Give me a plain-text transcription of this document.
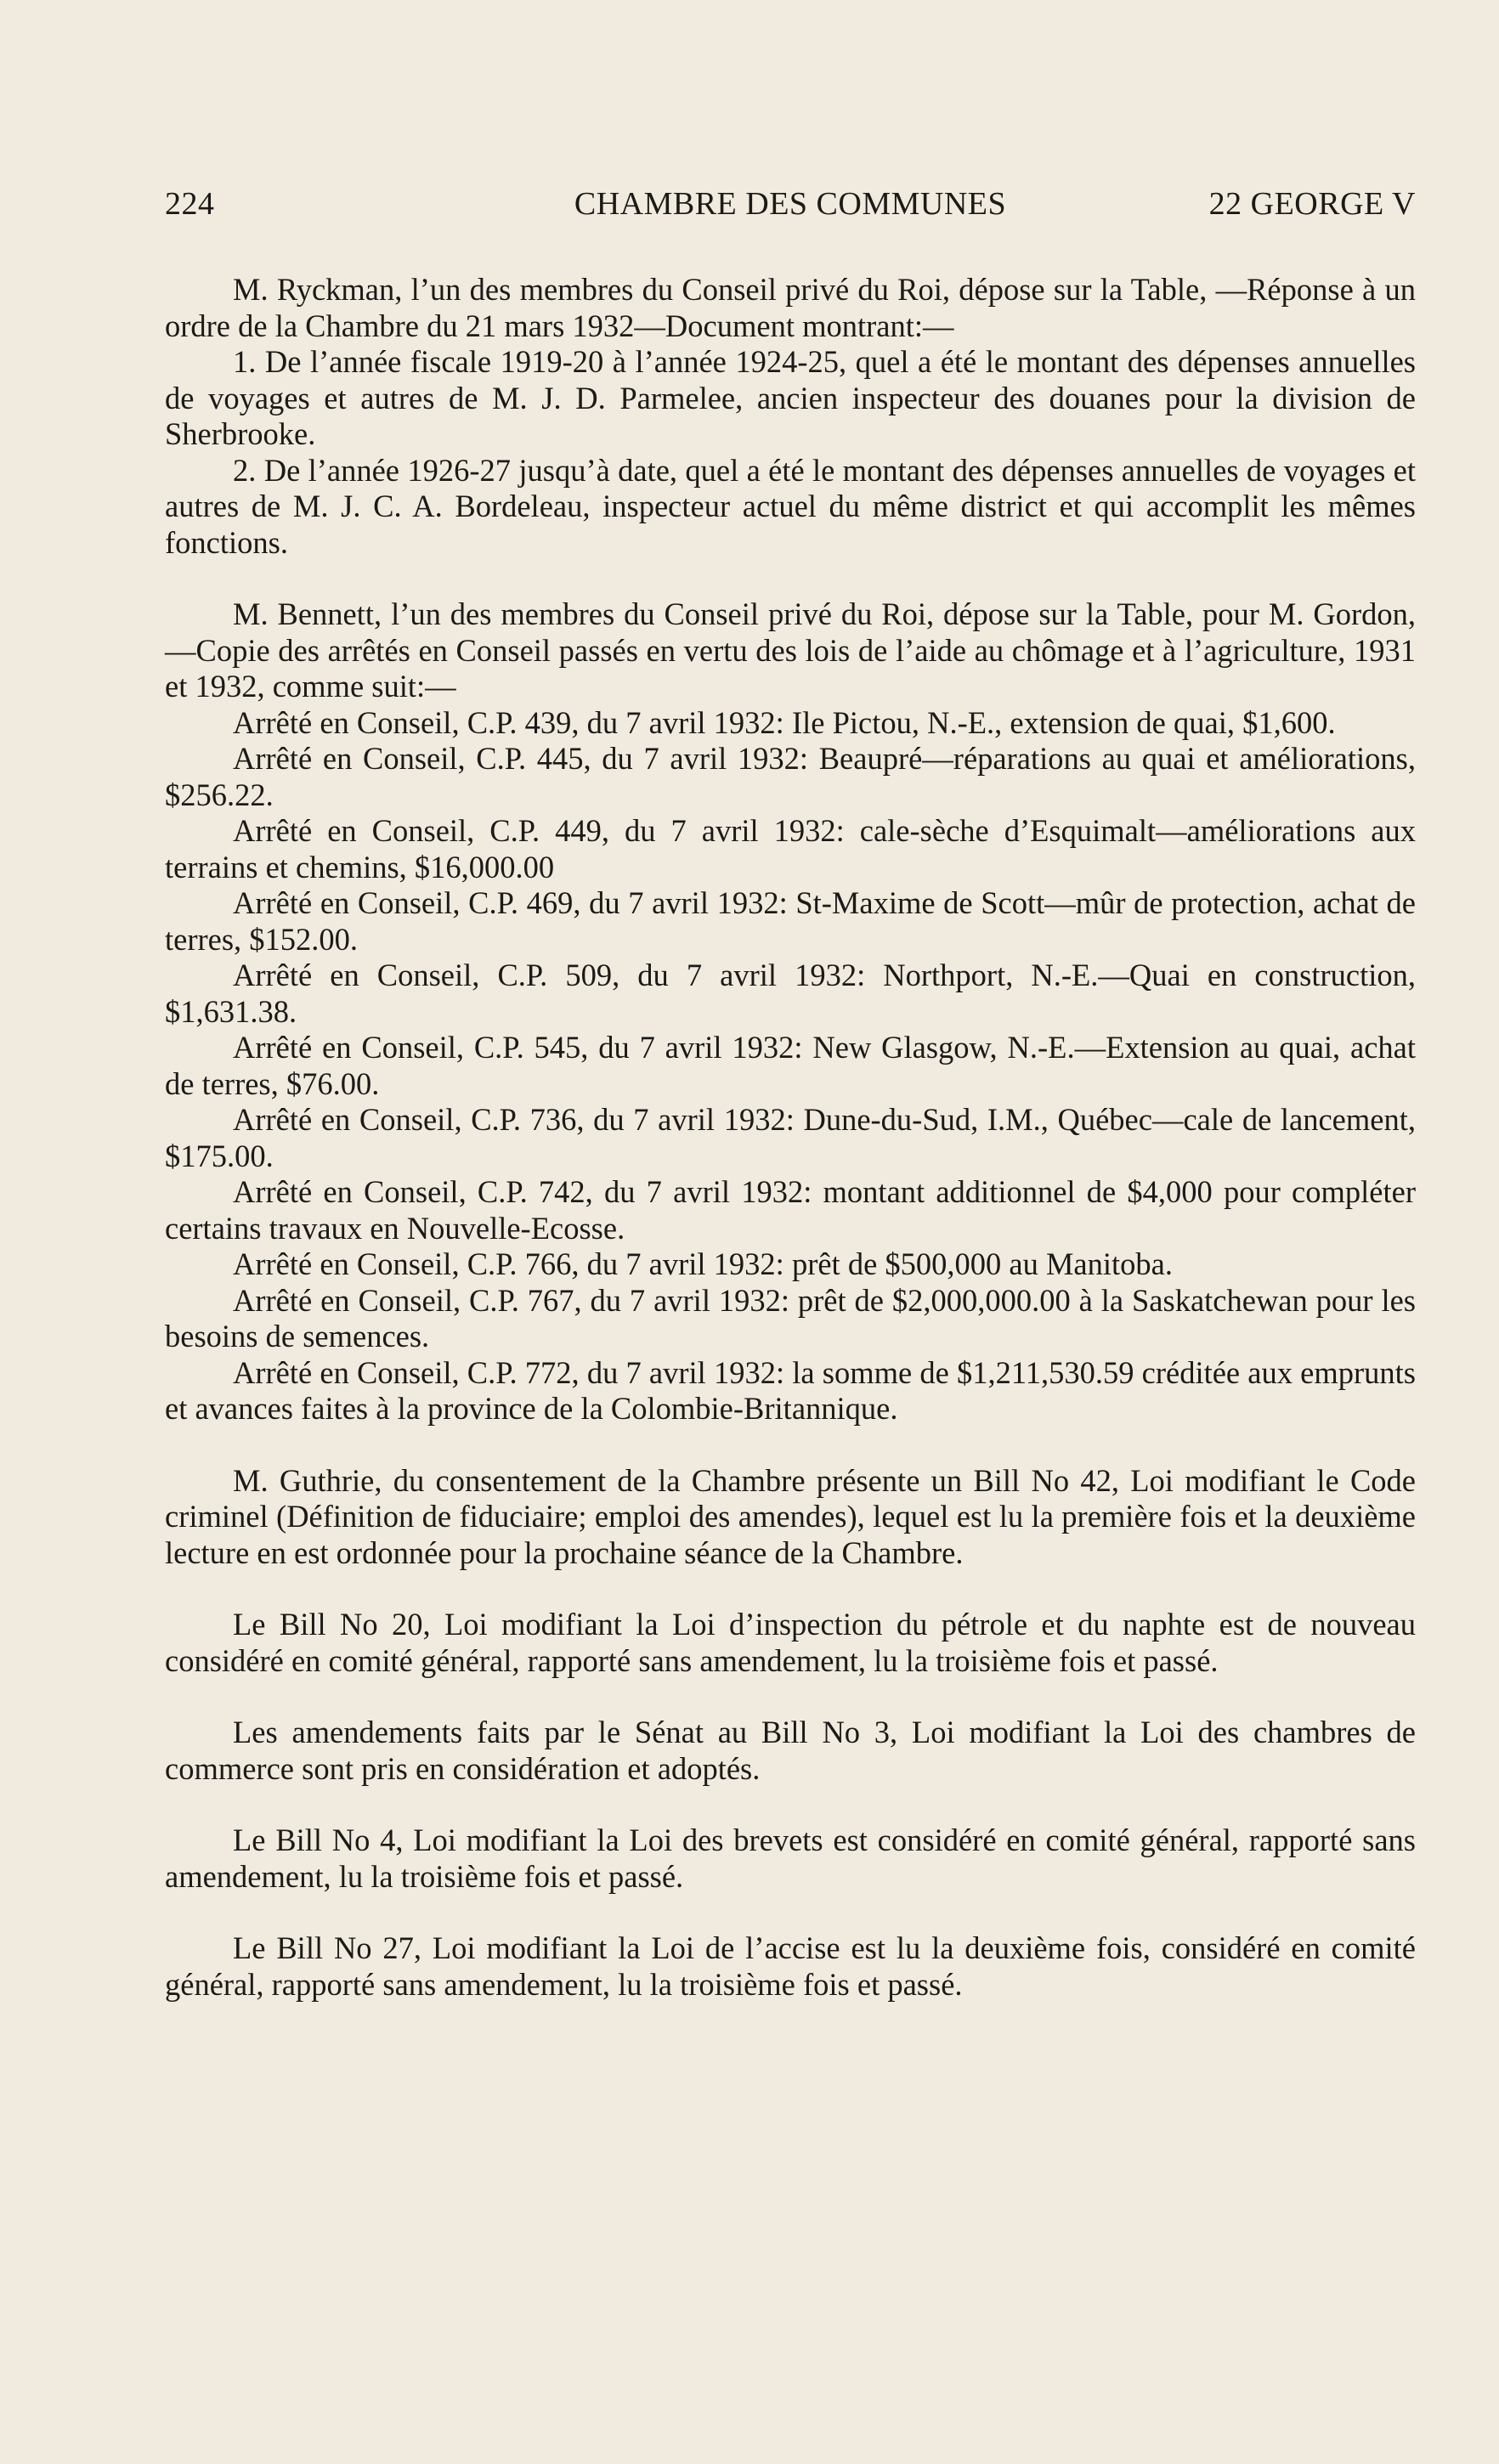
224	CHAMBRE DES COMMUNES	22 GEORGE V

M. Ryckman, l’un des membres du Conseil privé du Roi, dépose sur la Table, —Réponse à un ordre de la Chambre du 21 mars 1932—Document montrant:—

1. De l’année fiscale 1919-20 à l’année 1924-25, quel a été le montant des dépenses annuelles de voyages et autres de M. J. D. Parmelee, ancien inspecteur des douanes pour la division de Sherbrooke.

2. De l’année 1926-27 jusqu’à date, quel a été le montant des dépenses annuelles de voyages et autres de M. J. C. A. Bordeleau, inspecteur actuel du même district et qui accomplit les mêmes fonctions.

M. Bennett, l’un des membres du Conseil privé du Roi, dépose sur la Table, pour M. Gordon,—Copie des arrêtés en Conseil passés en vertu des lois de l’aide au chômage et à l’agriculture, 1931 et 1932, comme suit:—

Arrêté en Conseil, C.P. 439, du 7 avril 1932: Ile Pictou, N.-E., extension de quai, $1,600.

Arrêté en Conseil, C.P. 445, du 7 avril 1932: Beaupré—réparations au quai et améliorations, $256.22.

Arrêté en Conseil, C.P. 449, du 7 avril 1932: cale-sèche d’Esquimalt—améliorations aux terrains et chemins, $16,000.00

Arrêté en Conseil, C.P. 469, du 7 avril 1932: St-Maxime de Scott—mûr de protection, achat de terres, $152.00.

Arrêté en Conseil, C.P. 509, du 7 avril 1932: Northport, N.-E.—Quai en construction, $1,631.38.

Arrêté en Conseil, C.P. 545, du 7 avril 1932: New Glasgow, N.-E.—Extension au quai, achat de terres, $76.00.

Arrêté en Conseil, C.P. 736, du 7 avril 1932: Dune-du-Sud, I.M., Québec—cale de lancement, $175.00.

Arrêté en Conseil, C.P. 742, du 7 avril 1932: montant additionnel de $4,000 pour compléter certains travaux en Nouvelle-Ecosse.

Arrêté en Conseil, C.P. 766, du 7 avril 1932: prêt de $500,000 au Manitoba.

Arrêté en Conseil, C.P. 767, du 7 avril 1932: prêt de $2,000,000.00 à la Saskatchewan pour les besoins de semences.

Arrêté en Conseil, C.P. 772, du 7 avril 1932: la somme de $1,211,530.59 créditée aux emprunts et avances faites à la province de la Colombie-Britannique.

M. Guthrie, du consentement de la Chambre présente un Bill No 42, Loi modifiant le Code criminel (Définition de fiduciaire; emploi des amendes), lequel est lu la première fois et la deuxième lecture en est ordonnée pour la prochaine séance de la Chambre.

Le Bill No 20, Loi modifiant la Loi d’inspection du pétrole et du naphte est de nouveau considéré en comité général, rapporté sans amendement, lu la troisième fois et passé.

Les amendements faits par le Sénat au Bill No 3, Loi modifiant la Loi des chambres de commerce sont pris en considération et adoptés.

Le Bill No 4, Loi modifiant la Loi des brevets est considéré en comité général, rapporté sans amendement, lu la troisième fois et passé.

Le Bill No 27, Loi modifiant la Loi de l’accise est lu la deuxième fois, considéré en comité général, rapporté sans amendement, lu la troisième fois et passé.
